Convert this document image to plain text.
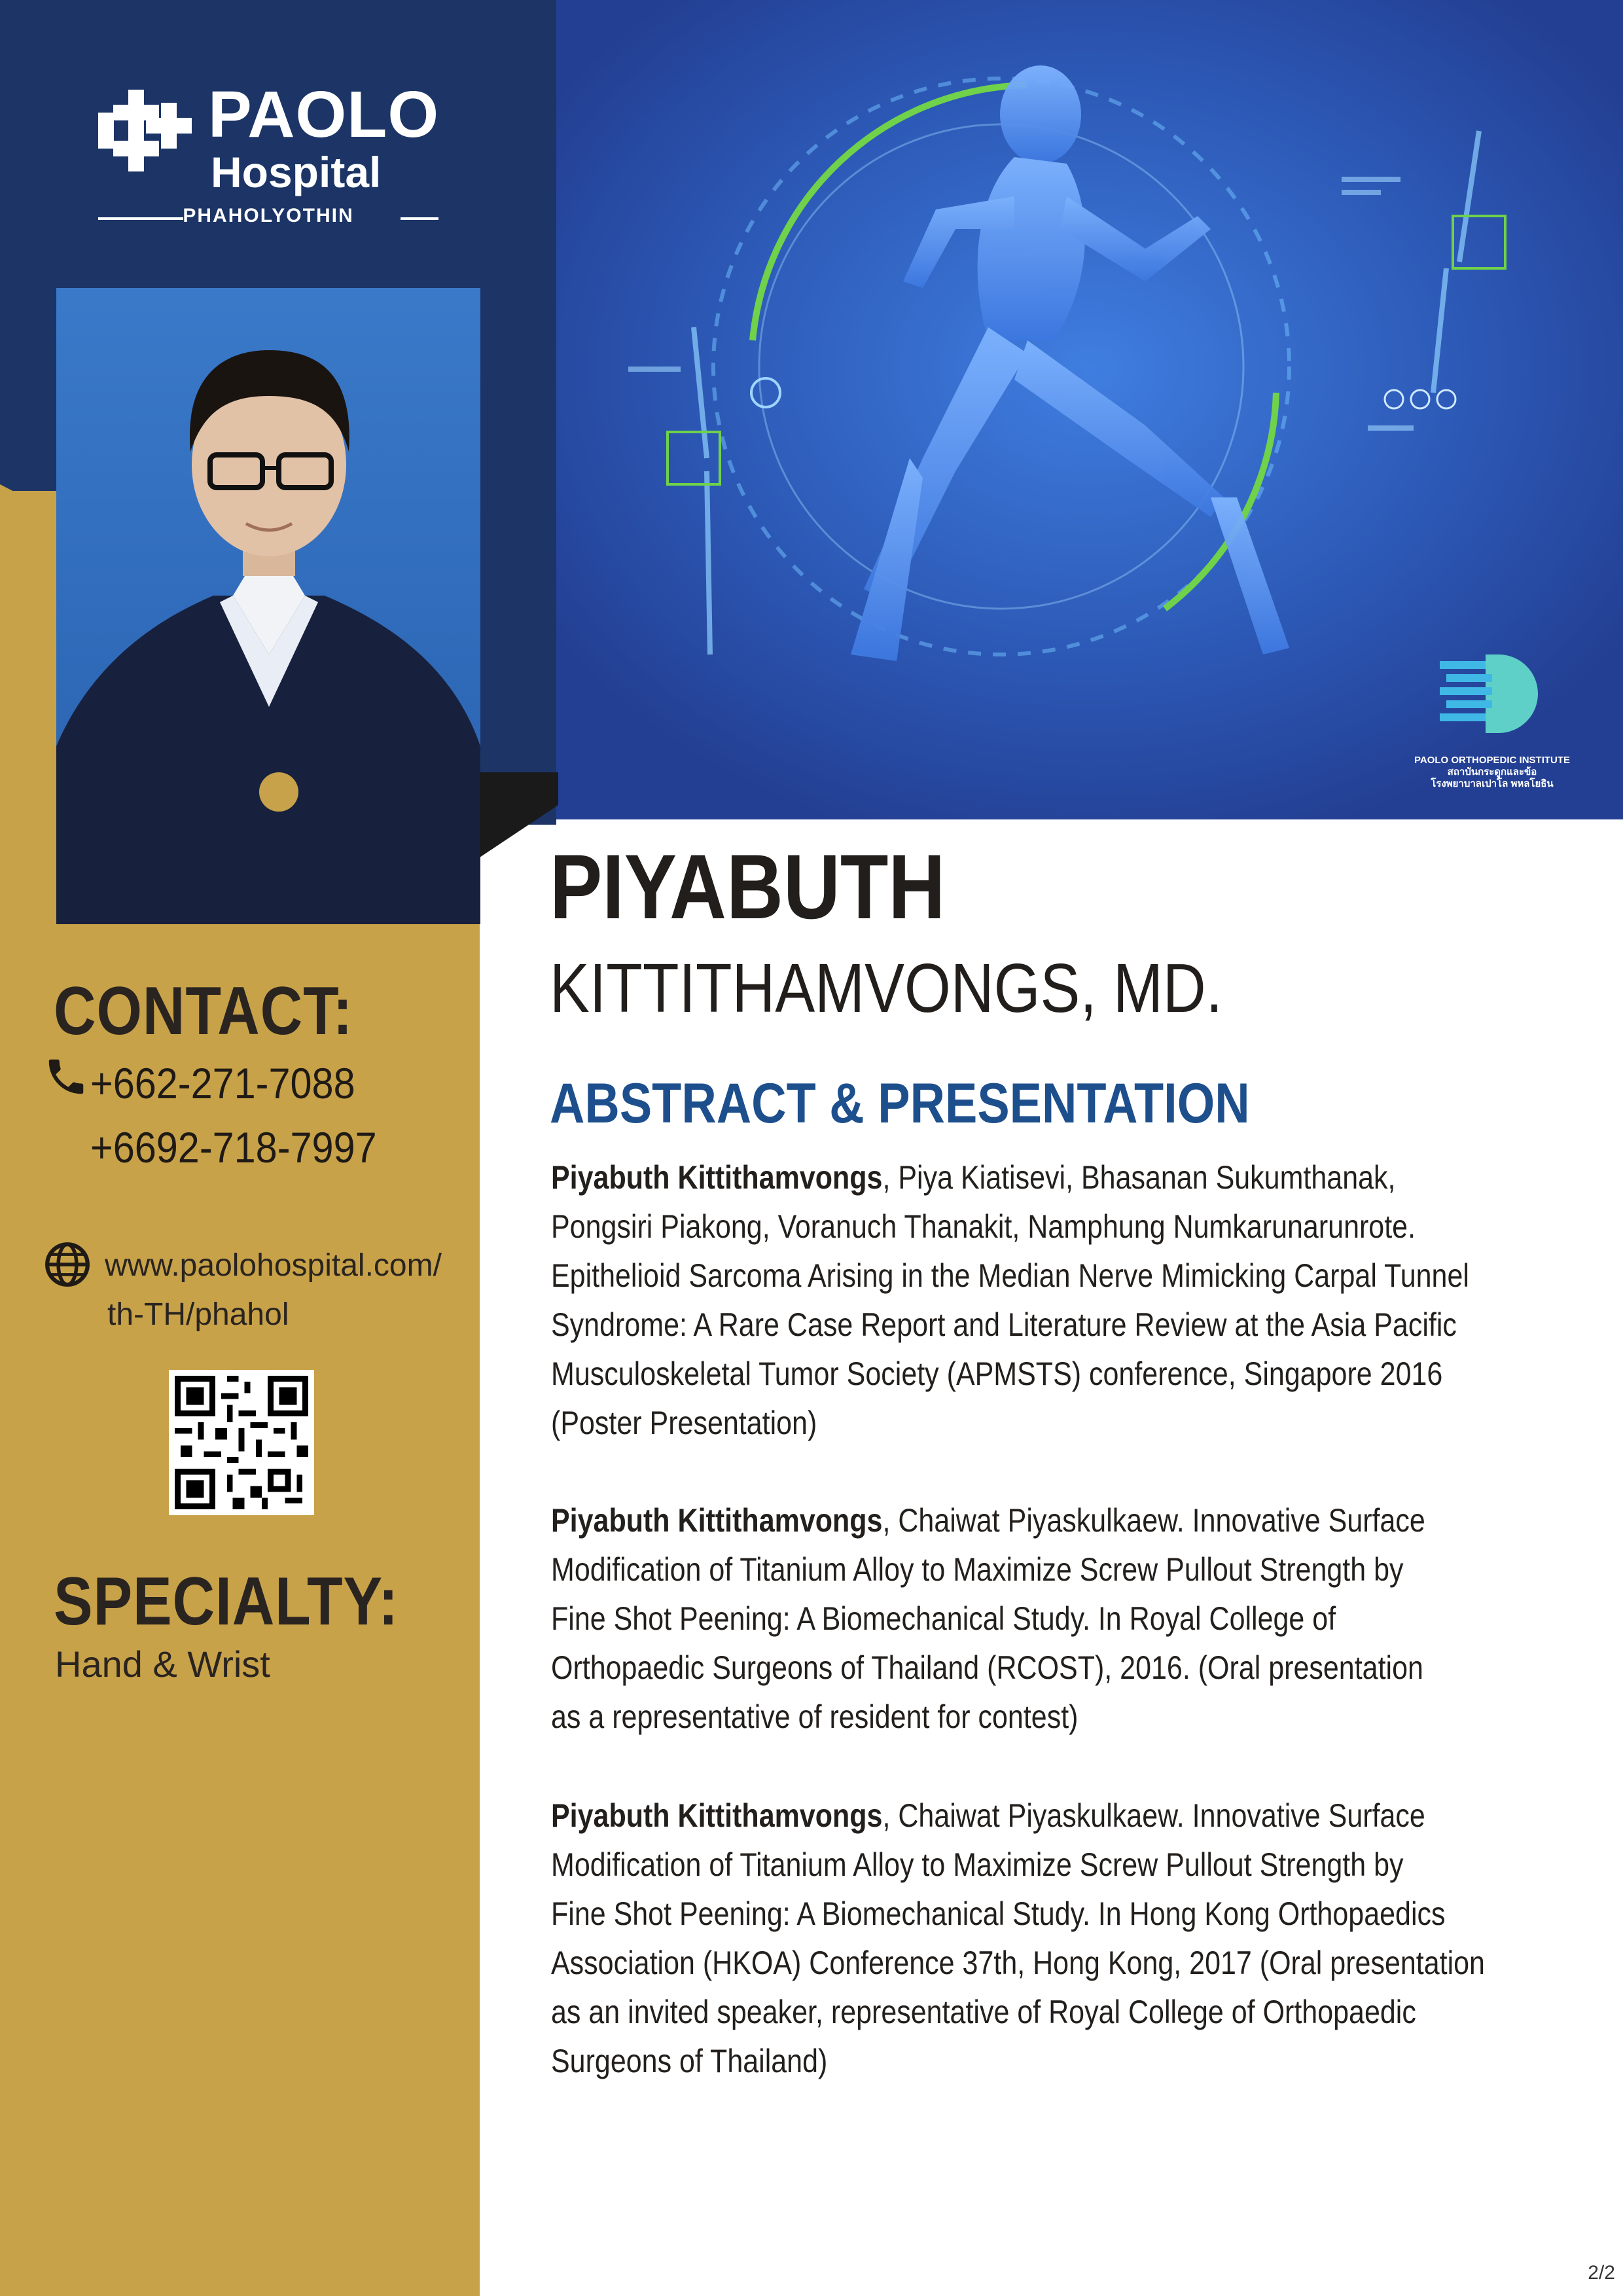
PAOLO ORTHOPEDIC INSTITUTE
สถาบันกระดูกและข้อ
โรงพยาบาลเปาโล พหลโยธิน
PAOLO
Hospital
PHAHOLYOTHIN
CONTACT:
+662-271-7088
+6692-718-7997
www.paolohospital.com/
th-TH/phahol
SPECIALTY:
Hand & Wrist
PIYABUTH
KITTITHAMVONGS, MD.
ABSTRACT & PRESENTATION
Piyabuth Kittithamvongs, Piya Kiatisevi, Bhasanan Sukumthanak,
Pongsiri Piakong, Voranuch Thanakit, Namphung Numkarunarunrote.
Epithelioid Sarcoma Arising in the Median Nerve Mimicking Carpal Tunnel
Syndrome: A Rare Case Report and Literature Review at the Asia Pacific
Musculoskeletal Tumor Society (APMSTS) conference, Singapore 2016
(Poster Presentation)
Piyabuth Kittithamvongs, Chaiwat Piyaskulkaew. Innovative Surface
Modification of Titanium Alloy to Maximize Screw Pullout Strength by
Fine Shot Peening: A Biomechanical Study. In Royal College of
Orthopaedic Surgeons of Thailand (RCOST), 2016. (Oral presentation
as a representative of resident for contest)
Piyabuth Kittithamvongs, Chaiwat Piyaskulkaew. Innovative Surface
Modification of Titanium Alloy to Maximize Screw Pullout Strength by
Fine Shot Peening: A Biomechanical Study. In Hong Kong Orthopaedics
Association (HKOA) Conference 37th, Hong Kong, 2017 (Oral presentation
as an invited speaker, representative of Royal College of Orthopaedic
Surgeons of Thailand)
2/2
